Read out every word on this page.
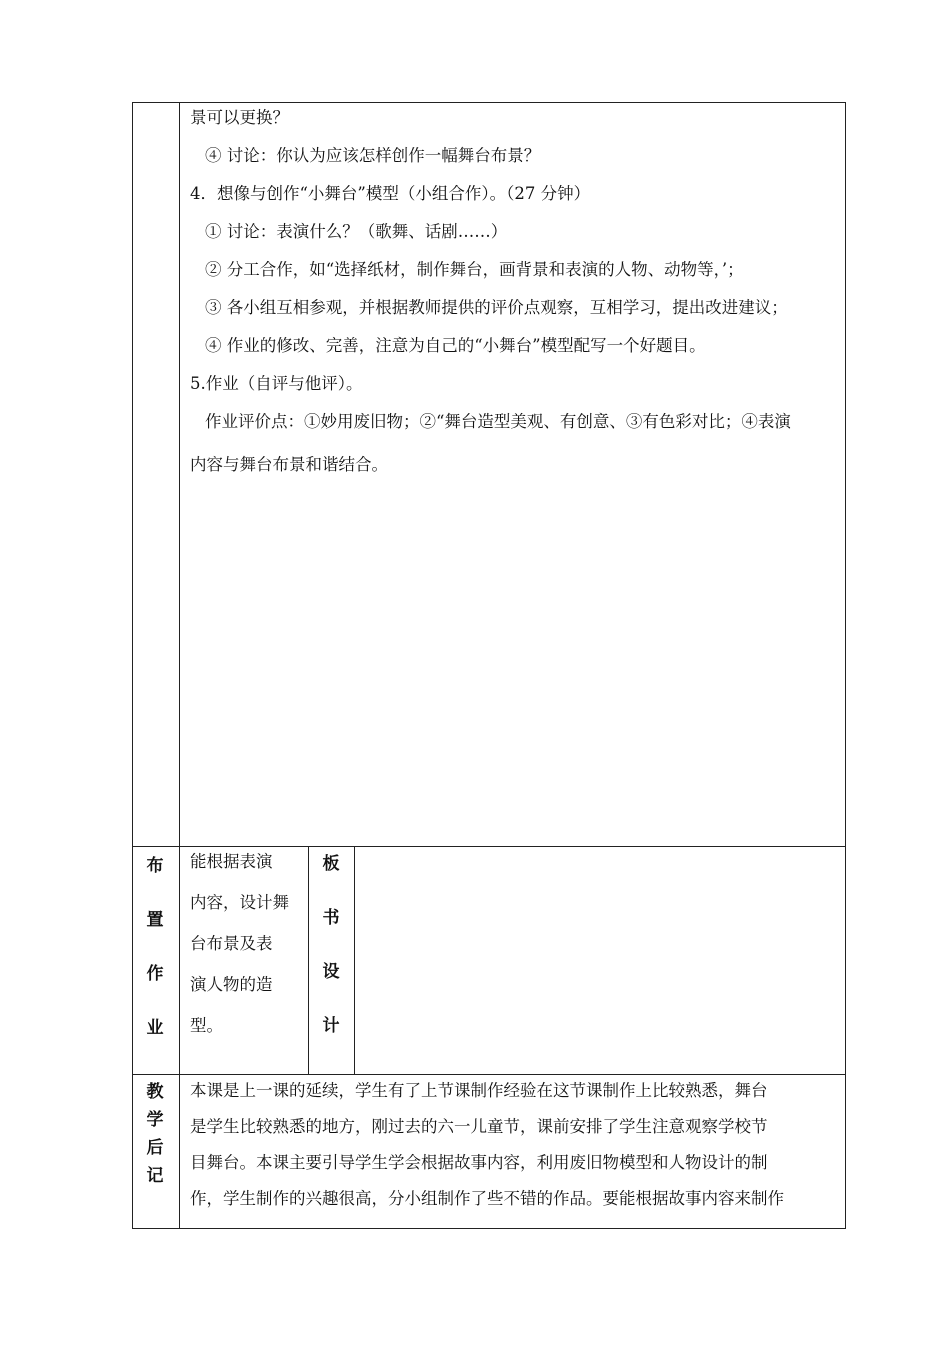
景可以更换？
④ 讨论：你认为应该怎样创作一幅舞台布景？
4．想像与创作“小舞台”模型（小组合作）。（27 分钟）
① 讨论：表演什么？（歌舞、话剧……）
② 分工合作，如“选择纸材，制作舞台，画背景和表演的人物、动物等，’；
③ 各小组互相参观，并根据教师提供的评价点观察，互相学习，提出改进建议；
④ 作业的修改、完善，注意为自己的“小舞台”模型配写一个好题目。
5.作业（自评与他评）。
作业评价点：①妙用废旧物；②“舞台造型美观、有创意、③有色彩对比；④表演
内容与舞台布景和谐结合。
布
置
作
业
能根据表演
内容，设计舞
台布景及表
演人物的造
型。
板
书
设
计
教
学
后
记
本课是上一课的延续，学生有了上节课制作经验在这节课制作上比较熟悉，舞台
是学生比较熟悉的地方，刚过去的六一儿童节，课前安排了学生注意观察学校节
目舞台。本课主要引导学生学会根据故事内容，利用废旧物模型和人物设计的制
作，学生制作的兴趣很高，分小组制作了些不错的作品。要能根据故事内容来制作
